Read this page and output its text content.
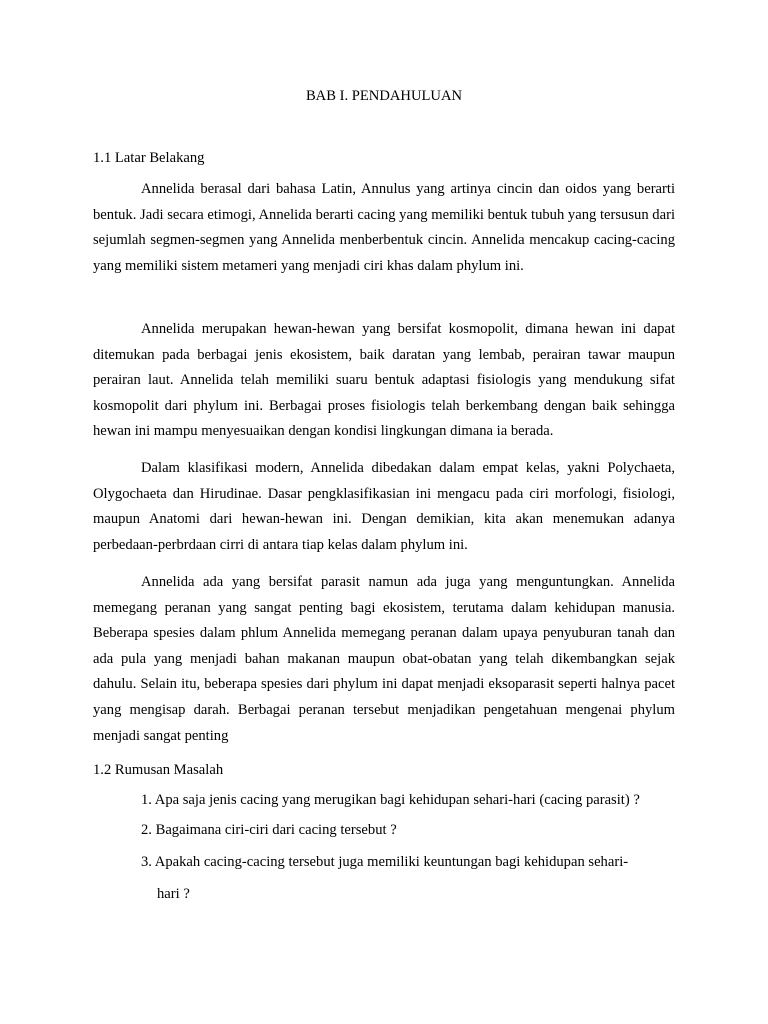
BAB I. PENDAHULUAN
1.1 Latar Belakang

Annelida berasal dari bahasa Latin, Annulus yang artinya cincin dan oidos yang berarti bentuk. Jadi secara etimogi, Annelida berarti cacing yang memiliki bentuk tubuh yang tersusun dari sejumlah segmen-segmen yang Annelida menberbentuk cincin. Annelida mencakup cacing-cacing yang memiliki sistem metameri yang menjadi ciri khas dalam phylum ini.

Annelida merupakan hewan-hewan yang bersifat kosmopolit, dimana hewan ini dapat ditemukan pada berbagai jenis ekosistem, baik daratan yang lembab, perairan tawar maupun perairan laut. Annelida telah memiliki suaru bentuk adaptasi fisiologis yang mendukung sifat kosmopolit dari phylum ini. Berbagai proses fisiologis telah berkembang dengan baik sehingga hewan ini mampu menyesuaikan dengan kondisi lingkungan dimana ia berada.

Dalam klasifikasi modern, Annelida dibedakan dalam empat kelas, yakni Polychaeta, Olygochaeta dan Hirudinae. Dasar pengklasifikasian ini mengacu pada ciri morfologi, fisiologi, maupun Anatomi dari hewan-hewan ini. Dengan demikian, kita akan menemukan adanya perbedaan-perbrdaan cirri di antara tiap kelas dalam phylum ini.

Annelida ada yang bersifat parasit namun ada juga yang menguntungkan. Annelida memegang peranan yang sangat penting bagi ekosistem, terutama dalam kehidupan manusia. Beberapa spesies dalam phlum Annelida memegang peranan dalam upaya penyuburan tanah dan ada pula yang menjadi bahan makanan maupun obat-obatan yang telah dikembangkan sejak dahulu. Selain itu, beberapa spesies dari phylum ini dapat menjadi eksoparasit seperti halnya pacet yang mengisap darah. Berbagai peranan tersebut menjadikan pengetahuan mengenai phylum menjadi sangat penting

1.2 Rumusan Masalah
1. Apa saja jenis cacing yang merugikan bagi kehidupan sehari-hari (cacing parasit) ?
2. Bagaimana ciri-ciri dari cacing tersebut ?
3. Apakah cacing-cacing tersebut juga memiliki keuntungan bagi kehidupan sehari-
hari ?
